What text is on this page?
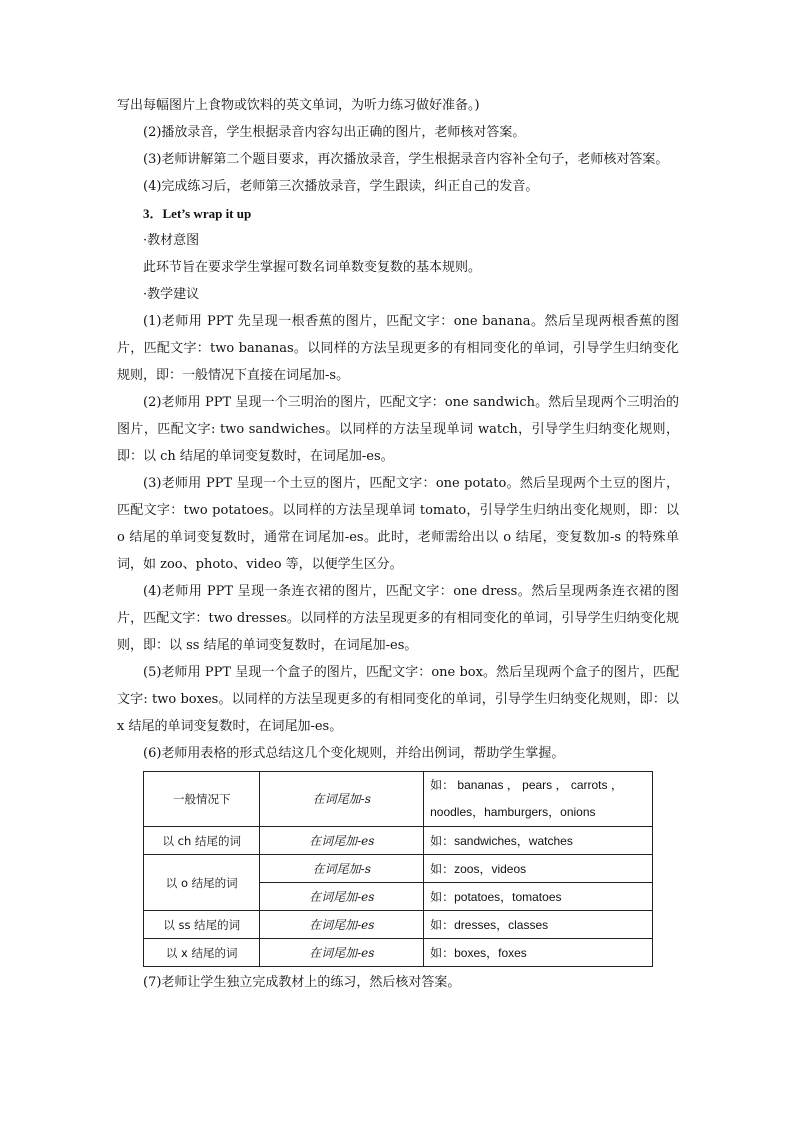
写出每幅图片上食物或饮料的英文单词，为听力练习做好准备。)

(2)播放录音，学生根据录音内容勾出正确的图片，老师核对答案。

(3)老师讲解第二个题目要求，再次播放录音，学生根据录音内容补全句子，老师核对答案。

(4)完成练习后，老师第三次播放录音，学生跟读，纠正自己的发音。

3．Let’s wrap it up

·教材意图

此环节旨在要求学生掌握可数名词单数变复数的基本规则。

·教学建议

(1)老师用 PPT 先呈现一根香蕉的图片，匹配文字：one banana。然后呈现两根香蕉的图片，匹配文字：two bananas。以同样的方法呈现更多的有相同变化的单词，引导学生归纳变化规则，即：一般情况下直接在词尾加-s。

(2)老师用 PPT 呈现一个三明治的图片，匹配文字：one sandwich。然后呈现两个三明治的图片，匹配文字: two sandwiches。以同样的方法呈现单词 watch，引导学生归纳变化规则，即：以 ch 结尾的单词变复数时，在词尾加-es。

(3)老师用 PPT 呈现一个土豆的图片，匹配文字：one potato。然后呈现两个土豆的图片，匹配文字：two potatoes。以同样的方法呈现单词 tomato，引导学生归纳出变化规则，即：以 o 结尾的单词变复数时，通常在词尾加-es。此时，老师需给出以 o 结尾，变复数加-s 的特殊单词，如 zoo、photo、video 等，以便学生区分。

(4)老师用 PPT 呈现一条连衣裙的图片，匹配文字：one dress。然后呈现两条连衣裙的图片，匹配文字：two dresses。以同样的方法呈现更多的有相同变化的单词，引导学生归纳变化规则，即：以 ss 结尾的单词变复数时，在词尾加-es。

(5)老师用 PPT 呈现一个盒子的图片，匹配文字：one box。然后呈现两个盒子的图片，匹配文字: two boxes。以同样的方法呈现更多的有相同变化的单词，引导学生归纳变化规则，即：以 x 结尾的单词变复数时，在词尾加-es。

(6)老师用表格的形式总结这几个变化规则，并给出例词，帮助学生掌握。

一般情况下	在词尾加-s	如： bananas ， pears ， carrots ，
noodles，hamburgers，onions

以 ch 结尾的词	在词尾加-es	如：sandwiches，watches
以 o 结尾的词	在词尾加-s	如：zoos，videos
	在词尾加-es	如：potatoes，tomatoes
以 ss 结尾的词	在词尾加-es	如：dresses，classes
以 x 结尾的词	在词尾加-es	如：boxes，foxes

(7)老师让学生独立完成教材上的练习，然后核对答案。
